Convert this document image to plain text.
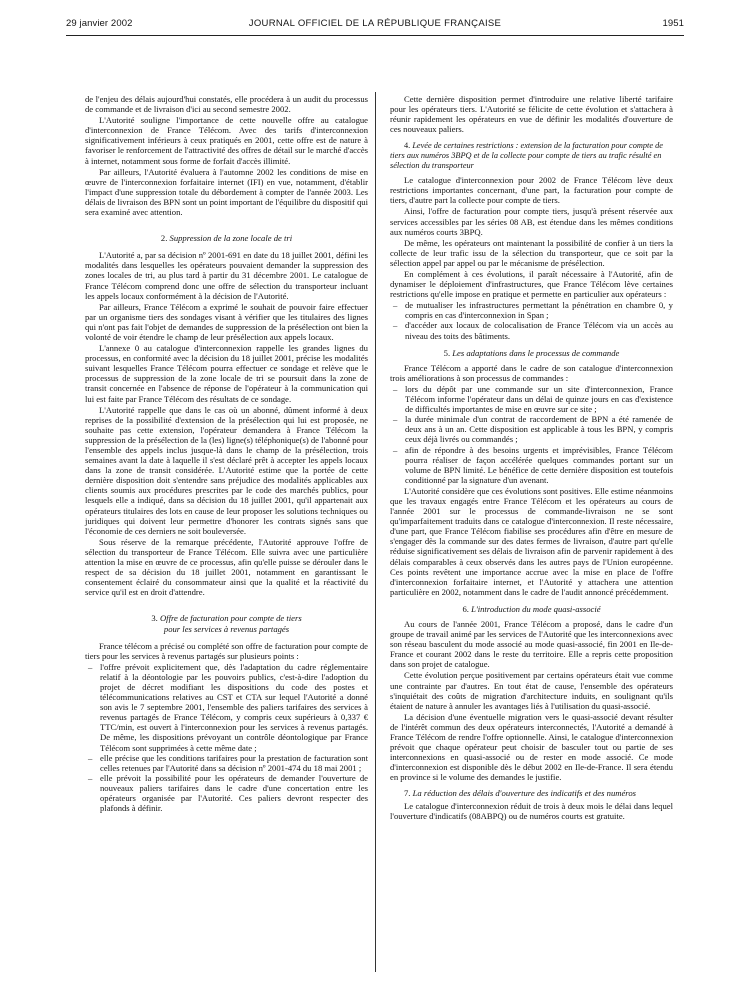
29 janvier 2002	JOURNAL OFFICIEL DE LA RÉPUBLIQUE FRANÇAISE	1951

de l'enjeu des délais aujourd'hui constatés, elle procédera à un audit du processus de commande et de livraison d'ici au second semestre 2002.

L'Autorité souligne l'importance de cette nouvelle offre au catalogue d'interconnexion de France Télécom. Avec des tarifs d'interconnexion significativement inférieurs à ceux pratiqués en 2001, cette offre est de nature à favoriser le renforcement de l'attractivité des offres de détail sur le marché d'accès à internet, notamment sous forme de forfait d'accès illimité.

Par ailleurs, l'Autorité évaluera à l'automne 2002 les conditions de mise en œuvre de l'interconnexion forfaitaire internet (IFI) en vue, notamment, d'établir l'impact d'une suppression totale du débordement à compter de l'année 2003. Les délais de livraison des BPN sont un point important de l'équilibre du dispositif qui sera examiné avec attention.

2. Suppression de la zone locale de tri

L'Autorité a, par sa décision nº 2001-691 en date du 18 juillet 2001, défini les modalités dans lesquelles les opérateurs pouvaient demander la suppression des zones locales de tri, au plus tard à partir du 31 décembre 2001. Le catalogue de France Télécom comprend donc une offre de sélection du transporteur incluant les appels locaux conformément à la décision de l'Autorité.

Par ailleurs, France Télécom a exprimé le souhait de pouvoir faire effectuer par un organisme tiers des sondages visant à vérifier que les titulaires des lignes qui n'ont pas fait l'objet de demandes de suppression de la présélection ont bien la volonté de voir étendre le champ de leur présélection aux appels locaux.

L'annexe 0 au catalogue d'interconnexion rappelle les grandes lignes du processus, en conformité avec la décision du 18 juillet 2001, précise les modalités suivant lesquelles France Télécom pourra effectuer ce sondage et relève que le processus de suppression de la zone locale de tri se poursuit dans la zone de transit concernée en l'absence de réponse de l'opérateur à la communication qui lui est faite par France Télécom des résultats de ce sondage.

L'Autorité rappelle que dans le cas où un abonné, dûment informé à deux reprises de la possibilité d'extension de la présélection qui lui est proposée, ne souhaite pas cette extension, l'opérateur demandera à France Télécom la suppression de la présélection de la (les) ligne(s) téléphonique(s) de l'abonné pour l'ensemble des appels inclus jusque-là dans le champ de la présélection, trois semaines avant la date à laquelle il s'est déclaré prêt à accepter les appels locaux dans la zone de transit considérée. L'Autorité estime que la portée de cette dernière disposition doit s'entendre sans préjudice des modalités applicables aux clients soumis aux procédures prescrites par le code des marchés publics, pour lesquels elle a indiqué, dans sa décision du 18 juillet 2001, qu'il appartenait aux opérateurs titulaires des lots en cause de leur proposer les solutions techniques ou juridiques qui doivent leur permettre d'honorer les contrats signés sans que l'économie de ces derniers ne soit bouleversée.

Sous réserve de la remarque précédente, l'Autorité approuve l'offre de sélection du transporteur de France Télécom. Elle suivra avec une particulière attention la mise en œuvre de ce processus, afin qu'elle puisse se dérouler dans le respect de sa décision du 18 juillet 2001, notamment en garantissant le consentement éclairé du consommateur ainsi que la qualité et la réactivité du service qu'il est en droit d'attendre.

3. Offre de facturation pour compte de tiers
pour les services à revenus partagés

France télécom a précisé ou complété son offre de facturation pour compte de tiers pour les services à revenus partagés sur plusieurs points :

– l'offre prévoit explicitement que, dès l'adaptation du cadre réglementaire relatif à la déontologie par les pouvoirs publics, c'est-à-dire l'adoption du projet de décret modifiant les dispositions du code des postes et télécommunications relatives au CST et CTA sur lequel l'Autorité a donné son avis le 7 septembre 2001, l'ensemble des paliers tarifaires des services à revenus partagés de France Télécom, y compris ceux supérieurs à 0,337 € TTC/min, est ouvert à l'interconnexion pour les services à revenus partagés. De même, les dispositions prévoyant un contrôle déontologique par France Télécom sont supprimées à cette même date ;
– elle précise que les conditions tarifaires pour la prestation de facturation sont celles retenues par l'Autorité dans sa décision nº 2001-474 du 18 mai 2001 ;
– elle prévoit la possibilité pour les opérateurs de demander l'ouverture de nouveaux paliers tarifaires dans le cadre d'une concertation entre les opérateurs organisée par l'Autorité. Ces paliers devront respecter des plafonds à définir.

Cette dernière disposition permet d'introduire une relative liberté tarifaire pour les opérateurs tiers. L'Autorité se félicite de cette évolution et s'attachera à réunir rapidement les opérateurs en vue de définir les modalités d'ouverture de ces nouveaux paliers.

4. Levée de certaines restrictions : extension de la facturation pour compte de tiers aux numéros 3BPQ et de la collecte pour compte de tiers au trafic résulté en sélection du transporteur

Le catalogue d'interconnexion pour 2002 de France Télécom lève deux restrictions importantes concernant, d'une part, la facturation pour compte de tiers, d'autre part la collecte pour compte de tiers.

Ainsi, l'offre de facturation pour compte tiers, jusqu'à présent réservée aux services accessibles par les séries 08 AB, est étendue dans les mêmes conditions aux numéros courts 3BPQ.

De même, les opérateurs ont maintenant la possibilité de confier à un tiers la collecte de leur trafic issu de la sélection du transporteur, que ce soit par la sélection appel par appel ou par le mécanisme de présélection.

En complément à ces évolutions, il paraît nécessaire à l'Autorité, afin de dynamiser le déploiement d'infrastructures, que France Télécom lève certaines restrictions qu'elle impose en pratique et permette en particulier aux opérateurs :

– de mutualiser les infrastructures permettant la pénétration en chambre 0, y compris en cas d'interconnexion in Span ;
– d'accéder aux locaux de colocalisation de France Télécom via un accès au niveau des toits des bâtiments.
5. Les adaptations dans le processus de commande

France Télécom a apporté dans le cadre de son catalogue d'interconnexion trois améliorations à son processus de commandes :

– lors du dépôt par une commande sur un site d'interconnexion, France Télécom informe l'opérateur dans un délai de quinze jours en cas d'existence de difficultés importantes de mise en œuvre sur ce site ;
– la durée minimale d'un contrat de raccordement de BPN a été ramenée de deux ans à un an. Cette disposition est applicable à tous les BPN, y compris ceux déjà livrés ou commandés ;
– afin de répondre à des besoins urgents et imprévisibles, France Télécom pourra réaliser de façon accélérée quelques commandes portant sur un volume de BPN limité. Le bénéfice de cette dernière disposition est toutefois conditionné par la signature d'un avenant.

L'Autorité considère que ces évolutions sont positives. Elle estime néanmoins que les travaux engagés entre France Télécom et les opérateurs au cours de l'année 2001 sur le processus de commande-livraison ne se sont qu'imparfaitement traduits dans ce catalogue d'interconnexion. Il reste nécessaire, d'une part, que France Télécom fiabilise ses procédures afin d'être en mesure de s'engager dès la commande sur des dates fermes de livraison, d'autre part qu'elle réduise significativement ses délais de livraison afin de parvenir rapidement à des délais comparables à ceux observés dans les autres pays de l'Union européenne. Ces points revêtent une importance accrue avec la mise en place de l'offre d'interconnexion forfaitaire internet, et l'Autorité y attachera une attention particulière en 2002, notamment dans le cadre de l'audit annoncé précédemment.

6. L'introduction du mode quasi-associé

Au cours de l'année 2001, France Télécom a proposé, dans le cadre d'un groupe de travail animé par les services de l'Autorité que les interconnexions avec son réseau basculent du mode associé au mode quasi-associé, fin 2001 en Ile-de-France et courant 2002 dans le reste du territoire. Elle a repris cette proposition dans son projet de catalogue.

Cette évolution perçue positivement par certains opérateurs était vue comme une contrainte par d'autres. En tout état de cause, l'ensemble des opérateurs s'inquiétait des coûts de migration d'architecture induits, en soulignant qu'ils étaient de nature à annuler les avantages liés à l'utilisation du quasi-associé.

La décision d'une éventuelle migration vers le quasi-associé devant résulter de l'intérêt commun des deux opérateurs interconnectés, l'Autorité a demandé à France Télécom de rendre l'offre optionnelle. Ainsi, le catalogue d'interconnexion prévoit que chaque opérateur peut choisir de basculer tout ou partie de ses interconnexions en quasi-associé ou de rester en mode associé. Ce mode d'interconnexion est disponible dès le début 2002 en Ile-de-France. Il sera étendu en province si le volume des demandes le justifie.

7. La réduction des délais d'ouverture des indicatifs et des numéros

Le catalogue d'interconnexion réduit de trois à deux mois le délai dans lequel l'ouverture d'indicatifs (08ABPQ) ou de numéros courts est gratuite.
